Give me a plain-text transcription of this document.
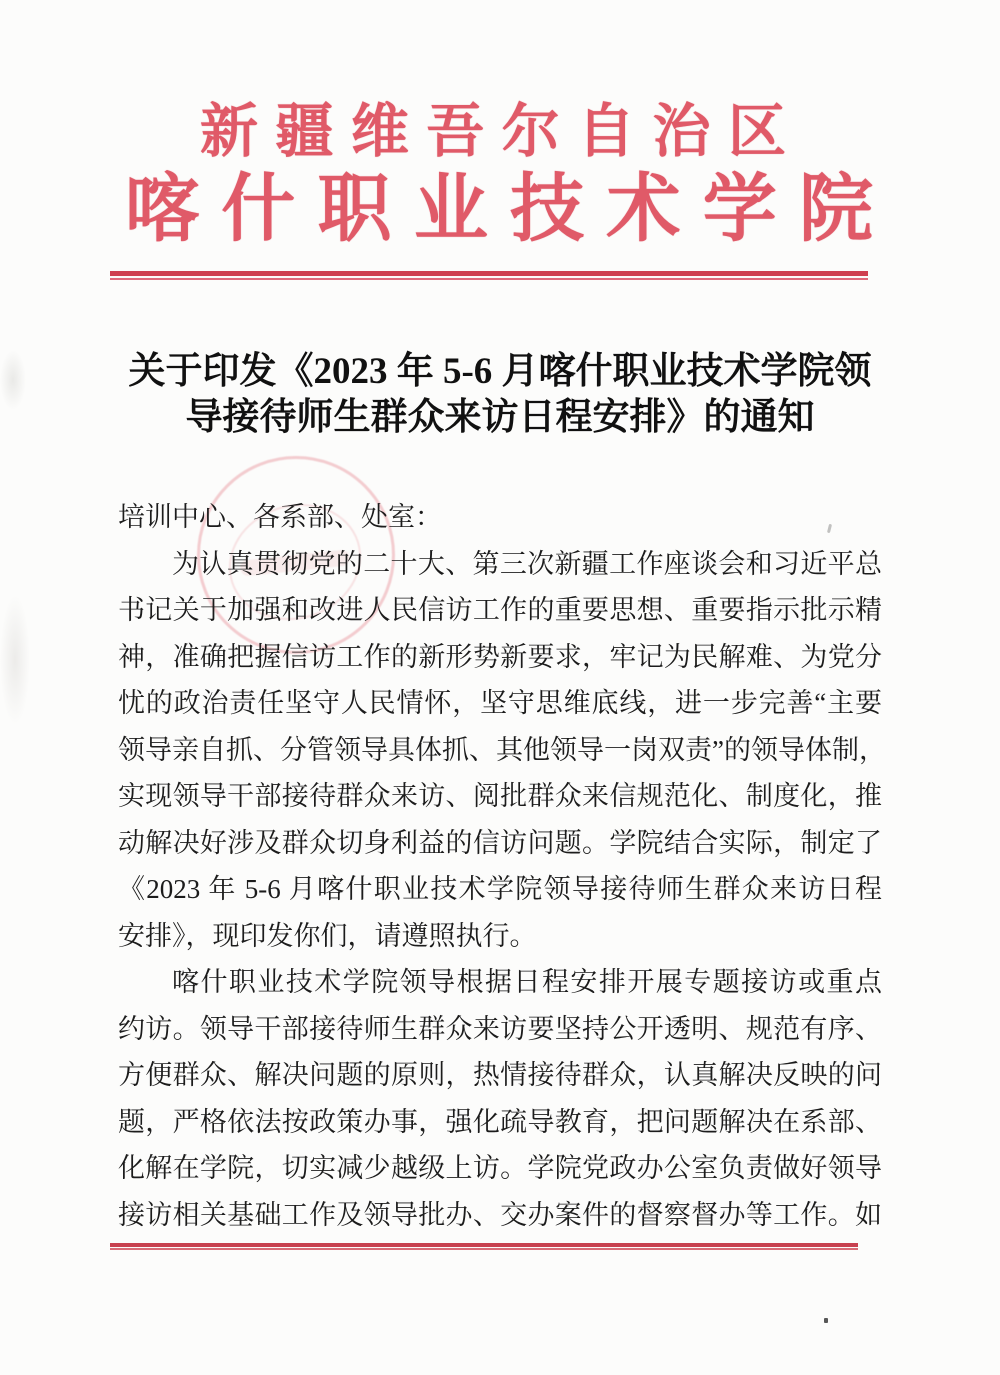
新疆维吾尔自治区
喀什职业技术学院
关于印发《2023 年 5-6 月喀什职业技术学院领
导接待师生群众来访日程安排》的通知
培训中心、各系部、处室：
为认真贯彻党的二十大、第三次新疆工作座谈会和习近平总
书记关于加强和改进人民信访工作的重要思想、重要指示批示精
神，准确把握信访工作的新形势新要求，牢记为民解难、为党分
忧的政治责任坚守人民情怀，坚守思维底线，进一步完善“主要
领导亲自抓、分管领导具体抓、其他领导一岗双责”的领导体制，
实现领导干部接待群众来访、阅批群众来信规范化、制度化，推
动解决好涉及群众切身利益的信访问题。学院结合实际，制定了
《2023 年 5-6 月喀什职业技术学院领导接待师生群众来访日程
安排》，现印发你们，请遵照执行。
喀什职业技术学院领导根据日程安排开展专题接访或重点
约访。领导干部接待师生群众来访要坚持公开透明、规范有序、
方便群众、解决问题的原则，热情接待群众，认真解决反映的问
题，严格依法按政策办事，强化疏导教育，把问题解决在系部、
化解在学院，切实减少越级上访。学院党政办公室负责做好领导
接访相关基础工作及领导批办、交办案件的督察督办等工作。如
